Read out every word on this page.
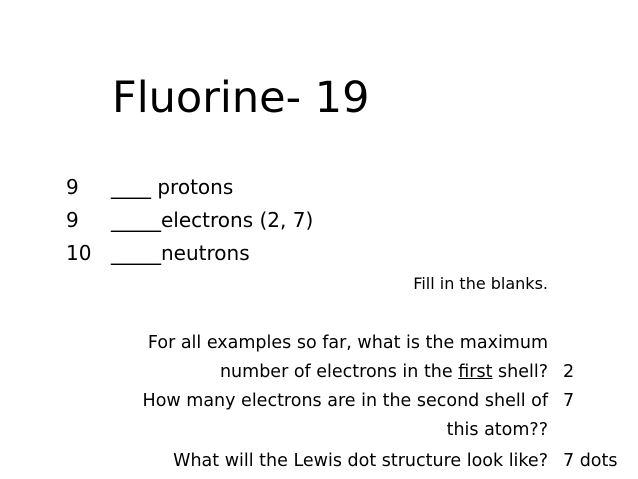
Fluorine- 19
9 ____ protons
9 _____electrons (2, 7)
10 _____neutrons
Fill in the blanks.
For all examples so far, what is the maximum
number of electrons in the first shell? 2
How many electrons are in the second shell of 7
this atom??
What will the Lewis dot structure look like? 7 dots
